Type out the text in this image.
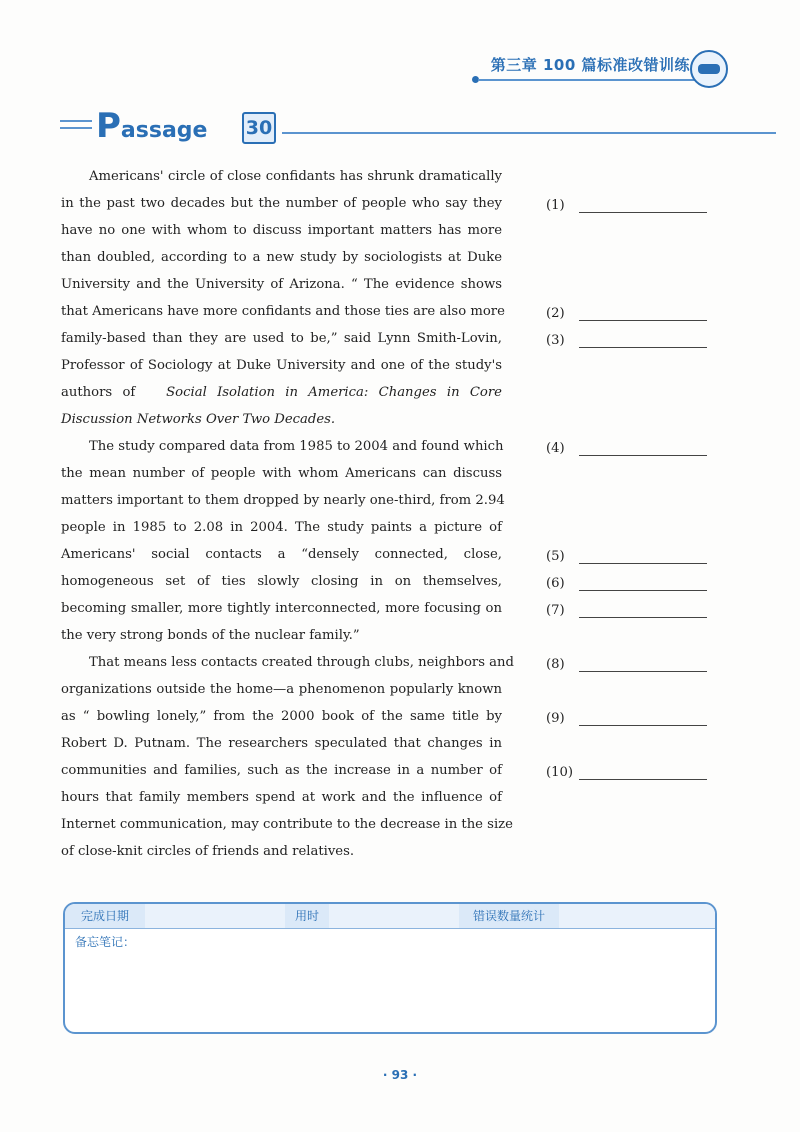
第三章 100 篇标准改错训练
Passage 30
Americans' circle of close confidants has shrunk dramatically
in the past two decades but the number of people who say they
have no one with whom to discuss important matters has more
than doubled, according to a new study by sociologists at Duke
University and the University of Arizona. “ The evidence shows
that Americans have more confidants and those ties are also more
family-based than they are used to be,” said Lynn Smith-Lovin,
Professor of Sociology at Duke University and one of the study's
authors of Social Isolation in America: Changes in Core
Discussion Networks Over Two Decades.
The study compared data from 1985 to 2004 and found which
the mean number of people with whom Americans can discuss
matters important to them dropped by nearly one-third, from 2.94
people in 1985 to 2.08 in 2004. The study paints a picture of
Americans' social contacts a “densely connected, close,
homogeneous set of ties slowly closing in on themselves,
becoming smaller, more tightly interconnected, more focusing on
the very strong bonds of the nuclear family.”
That means less contacts created through clubs, neighbors and
organizations outside the home—a phenomenon popularly known
as “ bowling lonely,” from the 2000 book of the same title by
Robert D. Putnam. The researchers speculated that changes in
communities and families, such as the increase in a number of
hours that family members spend at work and the influence of
Internet communication, may contribute to the decrease in the size
of close-knit circles of friends and relatives.
(1)
(2)
(3)
(4)
(5)
(6)
(7)
(8)
(9)
(10)
完成日期	用时	错误数量统计
备忘笔记：
· 93 ·
